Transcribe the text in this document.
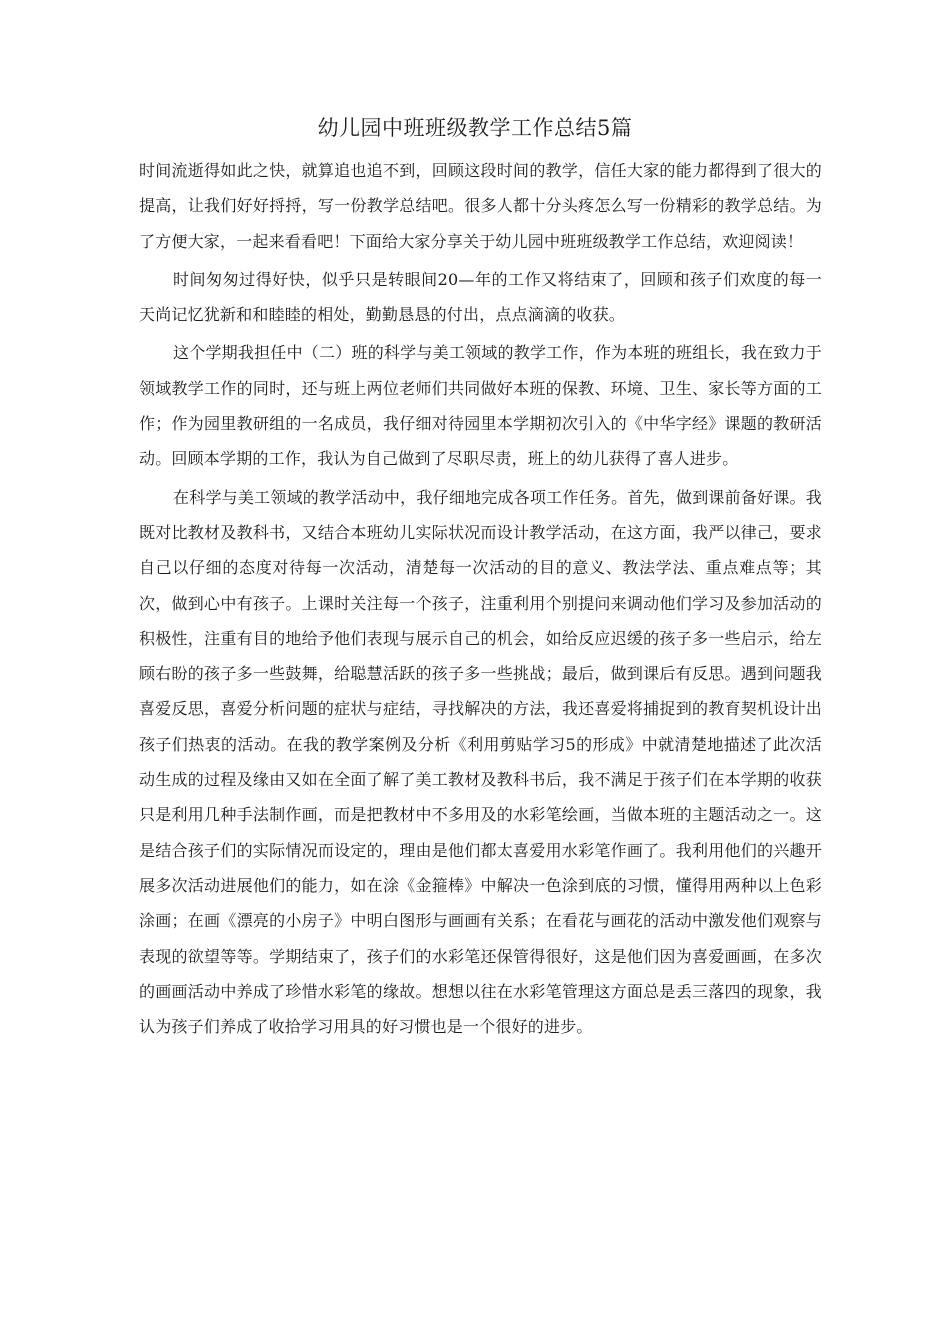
幼儿园中班班级教学工作总结5篇

时间流逝得如此之快，就算追也追不到，回顾这段时间的教学，信任大家的能力都得到了很大的提高，让我们好好捋捋，写一份教学总结吧。很多人都十分头疼怎么写一份精彩的教学总结。为了方便大家，一起来看看吧！下面给大家分享关于幼儿园中班班级教学工作总结，欢迎阅读！

时间匆匆过得好快，似乎只是转眼间20—年的工作又将结束了，回顾和孩子们欢度的每一天尚记忆犹新和和睦睦的相处，勤勤恳恳的付出，点点滴滴的收获。

这个学期我担任中（二）班的科学与美工领域的教学工作，作为本班的班组长，我在致力于领域教学工作的同时，还与班上两位老师们共同做好本班的保教、环境、卫生、家长等方面的工作；作为园里教研组的一名成员，我仔细对待园里本学期初次引入的《中华字经》课题的教研活动。回顾本学期的工作，我认为自己做到了尽职尽责，班上的幼儿获得了喜人进步。

在科学与美工领域的教学活动中，我仔细地完成各项工作任务。首先，做到课前备好课。我既对比教材及教科书，又结合本班幼儿实际状况而设计教学活动，在这方面，我严以律己，要求自己以仔细的态度对待每一次活动，清楚每一次活动的目的意义、教法学法、重点难点等；其次，做到心中有孩子。上课时关注每一个孩子，注重利用个别提问来调动他们学习及参加活动的积极性，注重有目的地给予他们表现与展示自己的机会，如给反应迟缓的孩子多一些启示，给左顾右盼的孩子多一些鼓舞，给聪慧活跃的孩子多一些挑战；最后，做到课后有反思。遇到问题我喜爱反思，喜爱分析问题的症状与症结，寻找解决的方法，我还喜爱将捕捉到的教育契机设计出孩子们热衷的活动。在我的教学案例及分析《利用剪贴学习5的形成》中就清楚地描述了此次活动生成的过程及缘由又如在全面了解了美工教材及教科书后，我不满足于孩子们在本学期的收获只是利用几种手法制作画，而是把教材中不多用及的水彩笔绘画，当做本班的主题活动之一。这是结合孩子们的实际情况而设定的，理由是他们都太喜爱用水彩笔作画了。我利用他们的兴趣开展多次活动进展他们的能力，如在涂《金箍棒》中解决一色涂到底的习惯，懂得用两种以上色彩涂画；在画《漂亮的小房子》中明白图形与画画有关系；在看花与画花的活动中激发他们观察与表现的欲望等等。学期结束了，孩子们的水彩笔还保管得很好，这是他们因为喜爱画画，在多次的画画活动中养成了珍惜水彩笔的缘故。想想以往在水彩笔管理这方面总是丢三落四的现象，我认为孩子们养成了收拾学习用具的好习惯也是一个很好的进步。
